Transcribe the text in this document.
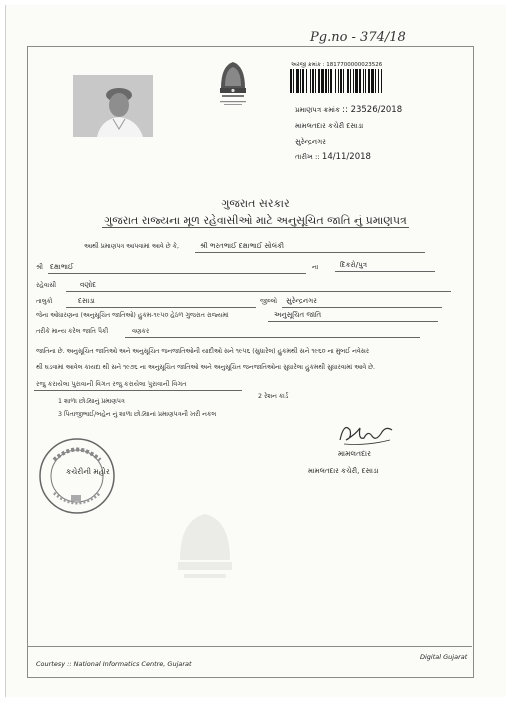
Pg.no - 374/18
અરજી ક્રમાંક : 1817700000023526
પ્રમાણપત્ર ક્રમાંક :: 23526/2018
મામલતદાર કચેરી દસાડા
સુરેન્દ્રનગર
તારીખ :: 14/11/2018
ગુજરાત સરકાર
ગુજરાત રાજ્યના મૂળ રહેવાસીઓ માટે અનુસૂચિત જાતિ નું પ્રમાણપત્ર
આથી પ્રમાણપત્ર આપવામાં આવે છે કે,	શ્રી ભરતભાઈ દક્ષાભાઈ સોલંકી
શ્રી દક્ષાભાઈ	ના	દિકરો/પુત્ર
રહેવાસી	વણોદ
તાલુકો	દસાડા	જીલ્લો સુરેન્દ્રનગર
જેના ઓધારણના (અનુસૂચિત જાતિઓ) હુકમ-૧૯૫૦ હેઠળ ગુજરાત રાજ્યમાં	અનુસૂચિત જાતિ
તરીકે માન્ય કરેલ જાતિ પૈકી	વણકર
જાતિના છે. અનુસૂચિત જાતિઓ અને અનુસૂચિત જનજાતિઓની યાદીઓ સને ૧૯૫૬ (સુધારેલ) હુકમથી સને ૧૯૬૦ ના મુંબઈ નવેસર
થી ઘડવામાં આવેલ કાયદા થી સને ૧૯૭૬ ના અનુસૂચિત જાતિઓ અને અનુસૂચિત જનજાતિઓના સુધારેલા હુકમથી સુધારવામાં આવે છે.
રજુ કરાયેલા પુરાવાની વિગત રજુ કરાયેલા પુરાવાની વિગત
1 શાળા છોડ્યાનું પ્રમાણપત્ર
2 રેશન કાર્ડ
3 પિતાજીભાઈ/બહેન નું શાળા છોડ્યાનાં પ્રમાણપત્રની ખરી નકલ
કચેરીની મહોર
મામલતદાર
મામલતદાર કચેરી, દસાડા
Courtesy :: National Informatics Centre, Gujarat
Digital Gujarat
